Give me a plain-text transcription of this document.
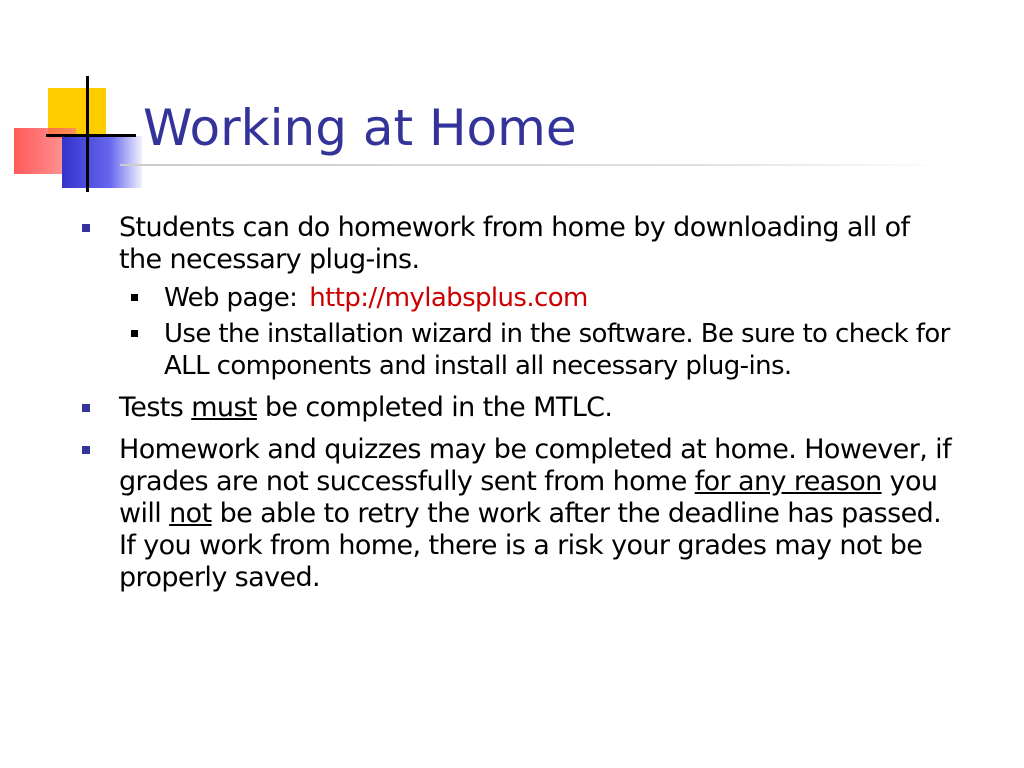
Working at Home
Students can do homework from home by downloading all of the necessary plug-ins.
Web page: http://mylabsplus.com
Use the installation wizard in the software. Be sure to check for ALL components and install all necessary plug-ins.
Tests must be completed in the MTLC.
Homework and quizzes may be completed at home. However, if grades are not successfully sent from home for any reason you will not be able to retry the work after the deadline has passed. If you work from home, there is a risk your grades may not be properly saved.
